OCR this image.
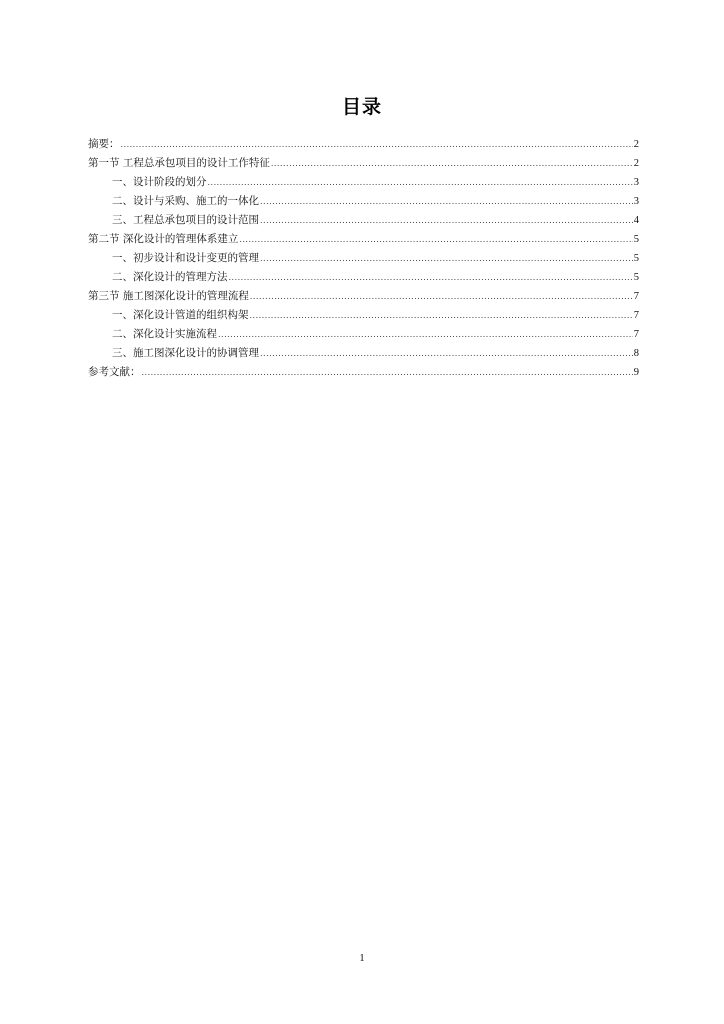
目录
摘要： .....	2
第一节 工程总承包项目的设计工作特征 .....	2
一、设计阶段的划分 .....	3
二、设计与采购、施工的一体化 .....	3
三、工程总承包项目的设计范围 .....	4
第二节 深化设计的管理体系建立 .....	5
一、初步设计和设计变更的管理 .....	5
二、深化设计的管理方法 .....	5
第三节 施工图深化设计的管理流程 .....	7
一、深化设计管道的组织构架 .....	7
二、深化设计实施流程 .....	7
三、施工图深化设计的协调管理 .....	8
参考文献： .....	9
1
